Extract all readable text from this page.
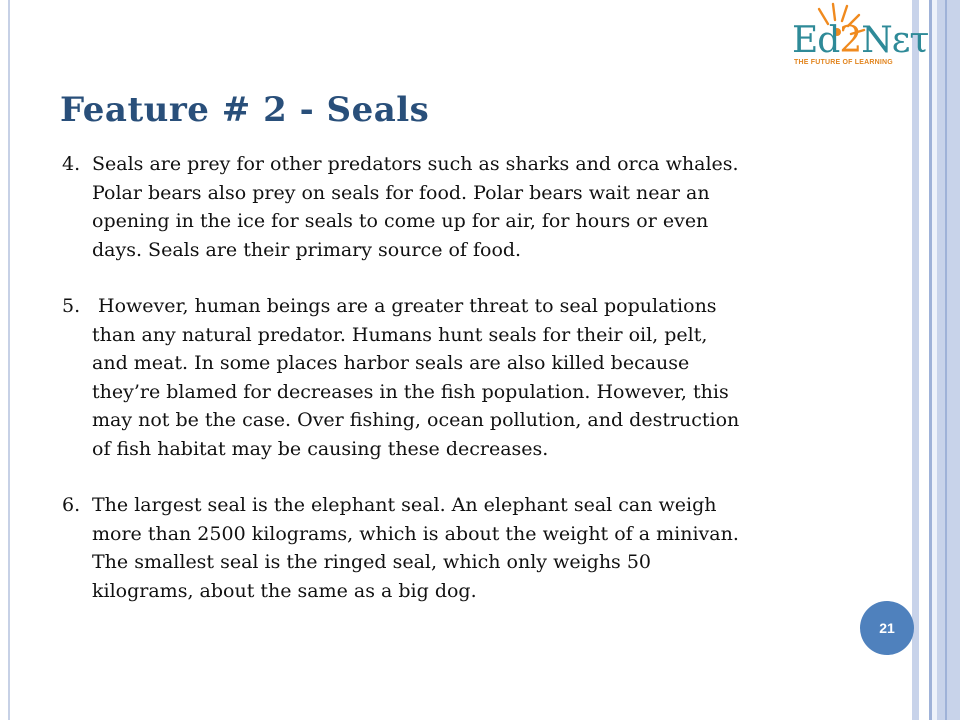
Ed2Nετ
THE FUTURE OF LEARNING
Feature # 2 - Seals
4. Seals are prey for other predators such as sharks and orca whales.
Polar bears also prey on seals for food. Polar bears wait near an
opening in the ice for seals to come up for air, for hours or even
days. Seals are their primary source of food.
5. However, human beings are a greater threat to seal populations
than any natural predator. Humans hunt seals for their oil, pelt,
and meat. In some places harbor seals are also killed because
they’re blamed for decreases in the fish population. However, this
may not be the case. Over fishing, ocean pollution, and destruction
of fish habitat may be causing these decreases.
6. The largest seal is the elephant seal. An elephant seal can weigh
more than 2500 kilograms, which is about the weight of a minivan.
The smallest seal is the ringed seal, which only weighs 50
kilograms, about the same as a big dog.
21
